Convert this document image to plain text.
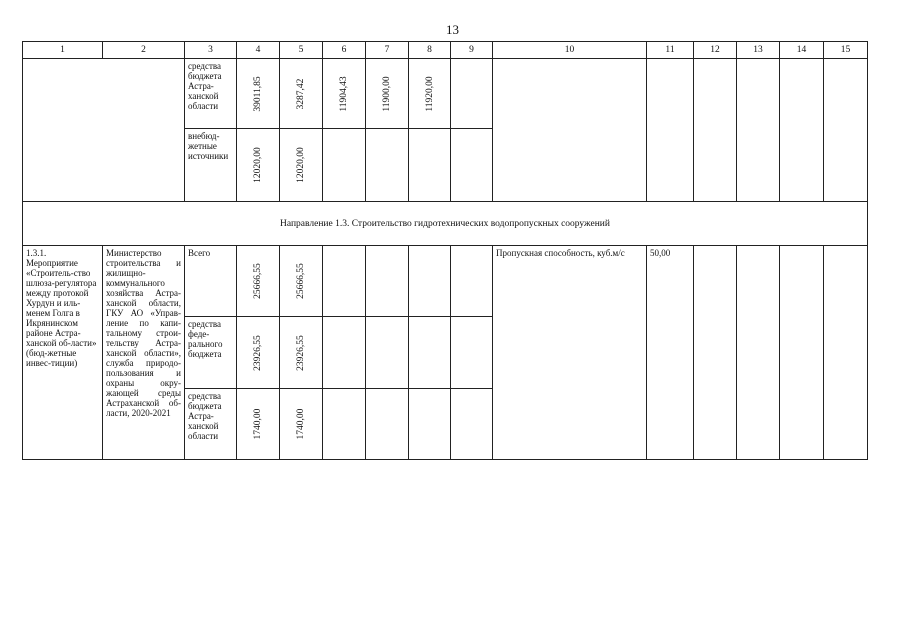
13
1	2	3	4	5	6	7	8	9	10	11	12	13	14	15
		средства бюджета Астра-ханской области	39011,85	3287,42	11904,43	11900,00	11920,00							

		внебюд-жетные источники	12020,00	12020,00										

Направление 1.3. Строительство гидротехнических водопропускных сооружений														
1.3.1. Мероприятие «Строитель-ство шлюза-регулятора между протокой Хурдун и иль-менем Голга в Икрянинском районе Астра-ханской об-ласти» (бюд-жетные инвес-тиции)	Министерство строительства и жилищно-коммунального хозяйства Астра-ханской области, ГКУ АО «Управ-ление по капи-тальному строи-тельству Астра-ханской области», служба природо-пользования и охраны окру-жающей среды Астраханской об-ласти, 2020-2021	Всего	25666,55	25666,55					Пропускная способность, куб.м/с	50,00				
		средства феде-рального бюджета	23926,55	23926,55										

		средства бюджета Астра-ханской области	1740,00	1740,00										
